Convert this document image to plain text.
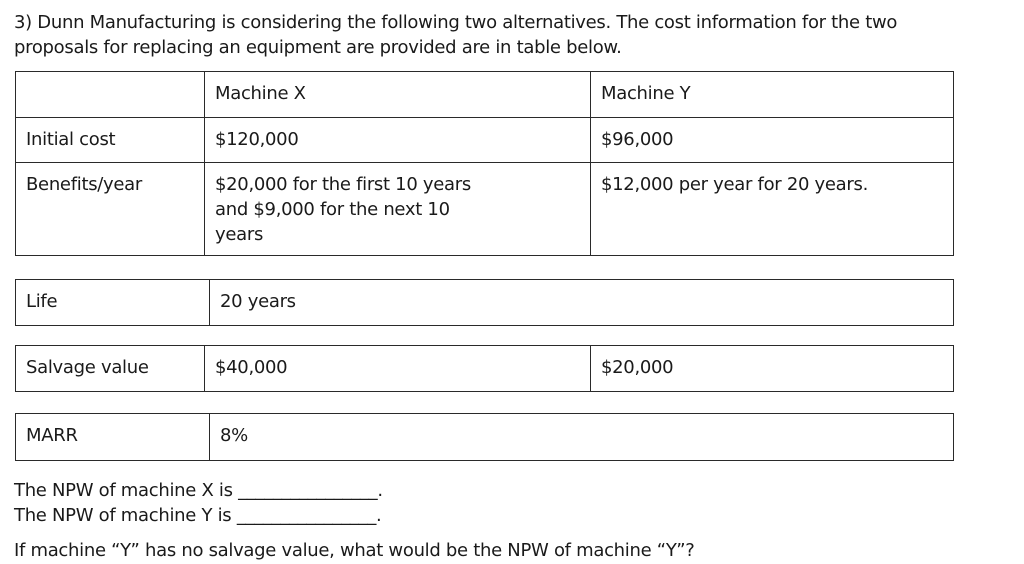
3) Dunn Manufacturing is considering the following two alternatives. The cost information for the two
proposals for replacing an equipment are provided are in table below.
	Machine X	Machine Y
Initial cost	$120,000	$96,000
Benefits/year	$20,000 for the first 10 years
and $9,000 for the next 10
years	$12,000 per year for 20 years.
Life	20 years
Salvage value	$40,000	$20,000
MARR	8%
The NPW of machine X is ________________.
The NPW of machine Y is ________________.
If machine “Y” has no salvage value, what would be the NPW of machine “Y”?
